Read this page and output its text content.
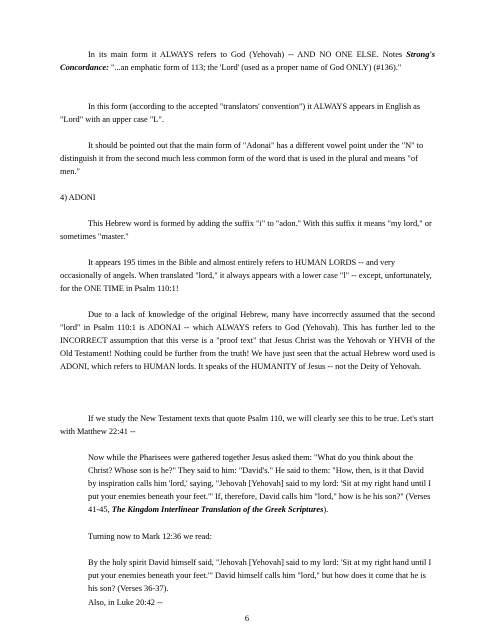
In its main form it ALWAYS refers to God (Yehovah) -- AND NO ONE ELSE. Notes Strong's Concordance: "...an emphatic form of 113; the 'Lord' (used as a proper name of God ONLY) (#136)."
In this form (according to the accepted "translators' convention") it ALWAYS appears in English as "Lord" with an upper case "L".
It should be pointed out that the main form of "Adonai" has a different vowel point under the "N" to distinguish it from the second much less common form of the word that is used in the plural and means "of men."
4) ADONI
This Hebrew word is formed by adding the suffix "i" to "adon." With this suffix it means "my lord," or sometimes "master."
It appears 195 times in the Bible and almost entirely refers to HUMAN LORDS -- and very occasionally of angels. When translated "lord," it always appears with a lower case "l" -- except, unfortunately, for the ONE TIME in Psalm 110:1!
Due to a lack of knowledge of the original Hebrew, many have incorrectly assumed that the second "lord" in Psalm 110:1 is ADONAI -- which ALWAYS refers to God (Yehovah). This has further led to the INCORRECT assumption that this verse is a "proof text" that Jesus Christ was the Yehovah or YHVH of the Old Testament! Nothing could be further from the truth! We have just seen that the actual Hebrew word used is ADONI, which refers to HUMAN lords. It speaks of the HUMANITY of Jesus -- not the Deity of Yehovah.
If we study the New Testament texts that quote Psalm 110, we will clearly see this to be true. Let's start with Matthew 22:41 --
Now while the Pharisees were gathered together Jesus asked them: "What do you think about the Christ? Whose son is he?" They said to him: "David's." He said to them: "How, then, is it that David by inspiration calls him 'lord,' saying, "Jehovah [Yehovah] said to my lord: 'Sit at my right hand until I put your enemies beneath your feet."' If, therefore, David calls him "lord," how is he his son?" (Verses 41-45, The Kingdom Interlinear Translation of the Greek Scriptures).
Turning now to Mark 12:36 we read:
By the holy spirit David himself said, "Jehovah [Yehovah] said to my lord: 'Sit at my right hand until I put your enemies beneath your feet.'" David himself calls him "lord," but how does it come that he is his son? (Verses 36-37).
Also, in Luke 20:42 --
6
